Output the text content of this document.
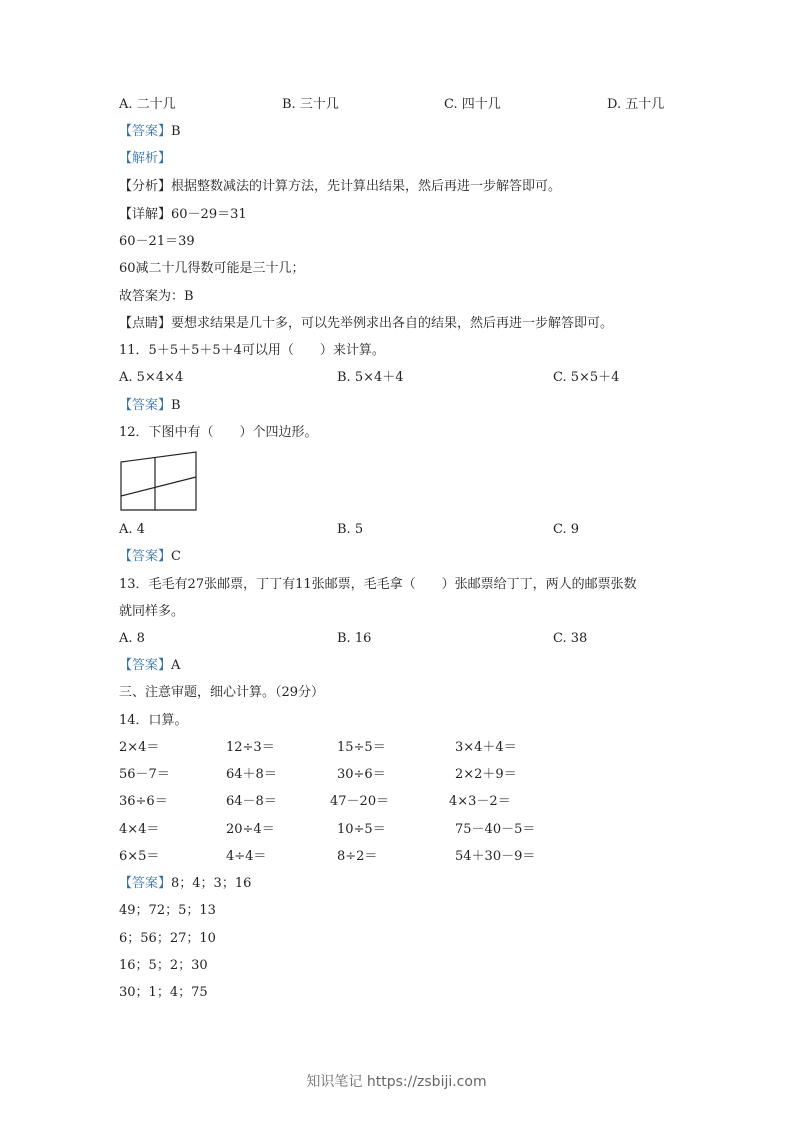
A. 二十几	B. 三十几	C. 四十几	D. 五十几
【答案】B
【解析】
【分析】根据整数减法的计算方法，先计算出结果，然后再进一步解答即可。
【详解】60－29＝31
60－21＝39
60减二十几得数可能是三十几；
故答案为：B
【点睛】要想求结果是几十多，可以先举例求出各自的结果，然后再进一步解答即可。
11．5＋5＋5＋5＋4可以用（　　）来计算。
A. 5×4×4	B. 5×4＋4	C. 5×5＋4
【答案】B
12．下图中有（　　）个四边形。
A. 4	B. 5	C. 9
【答案】C
13．毛毛有27张邮票，丁丁有11张邮票，毛毛拿（　　）张邮票给丁丁，两人的邮票张数
就同样多。
A. 8	B. 16	C. 38
【答案】A
三、注意审题，细心计算。（29分）
14．口算。
2×4＝	12÷3＝	15÷5＝	3×4＋4＝
56－7＝	64＋8＝	30÷6＝	2×2＋9＝
36÷6＝	64－8＝	47－20＝	4×3－2＝
4×4＝	20÷4＝	10÷5＝	75－40－5＝
6×5＝	4÷4＝	8÷2＝	54＋30－9＝
【答案】8；4；3；16
49；72；5；13
6；56；27；10
16；5；2；30
30；1；4；75
知识笔记 https://zsbiji.com
